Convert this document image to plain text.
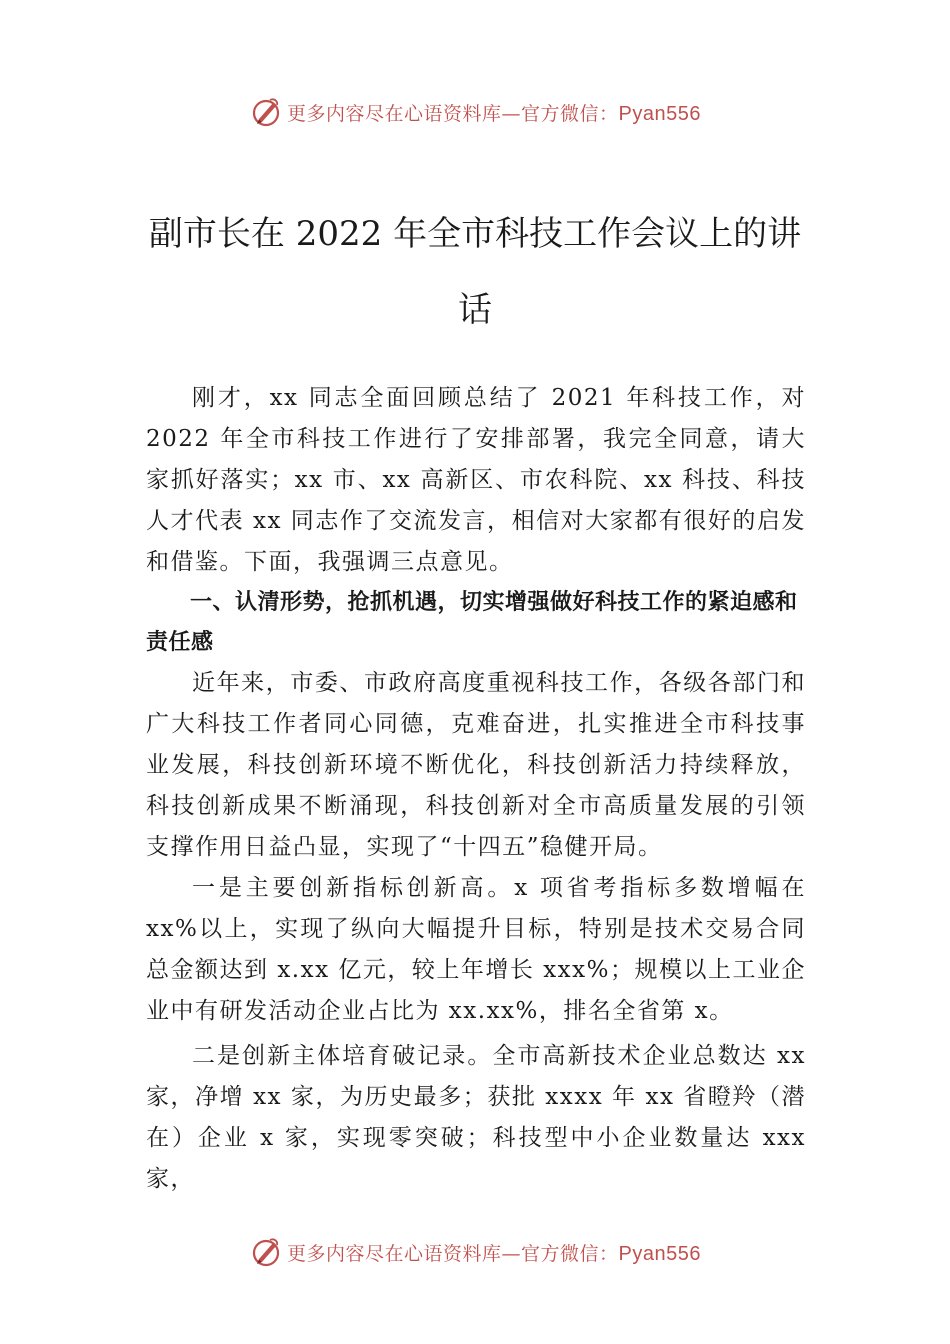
更多内容尽在心语资料库—官方微信：Pyan556
副市长在 2022 年全市科技工作会议上的讲话

刚才，xx 同志全面回顾总结了 2021 年科技工作，对 2022 年全市科技工作进行了安排部署，我完全同意，请大家抓好落实；xx 市、xx 高新区、市农科院、xx 科技、科技人才代表 xx 同志作了交流发言，相信对大家都有很好的启发和借鉴。下面，我强调三点意见。

一、认清形势，抢抓机遇，切实增强做好科技工作的紧迫感和责任感

近年来，市委、市政府高度重视科技工作，各级各部门和广大科技工作者同心同德，克难奋进，扎实推进全市科技事业发展，科技创新环境不断优化，科技创新活力持续释放，科技创新成果不断涌现，科技创新对全市高质量发展的引领支撑作用日益凸显，实现了“十四五”稳健开局。

一是主要创新指标创新高。x 项省考指标多数增幅在 xx%以上，实现了纵向大幅提升目标，特别是技术交易合同总金额达到 x.xx 亿元，较上年增长 xxx%；规模以上工业企业中有研发活动企业占比为 xx.xx%，排名全省第 x。

二是创新主体培育破记录。全市高新技术企业总数达 xx 家，净增 xx 家，为历史最多；获批 xxxx 年 xx 省瞪羚（潜在）企业 x 家，实现零突破；科技型中小企业数量达 xxx 家，

更多内容尽在心语资料库—官方微信：Pyan556
